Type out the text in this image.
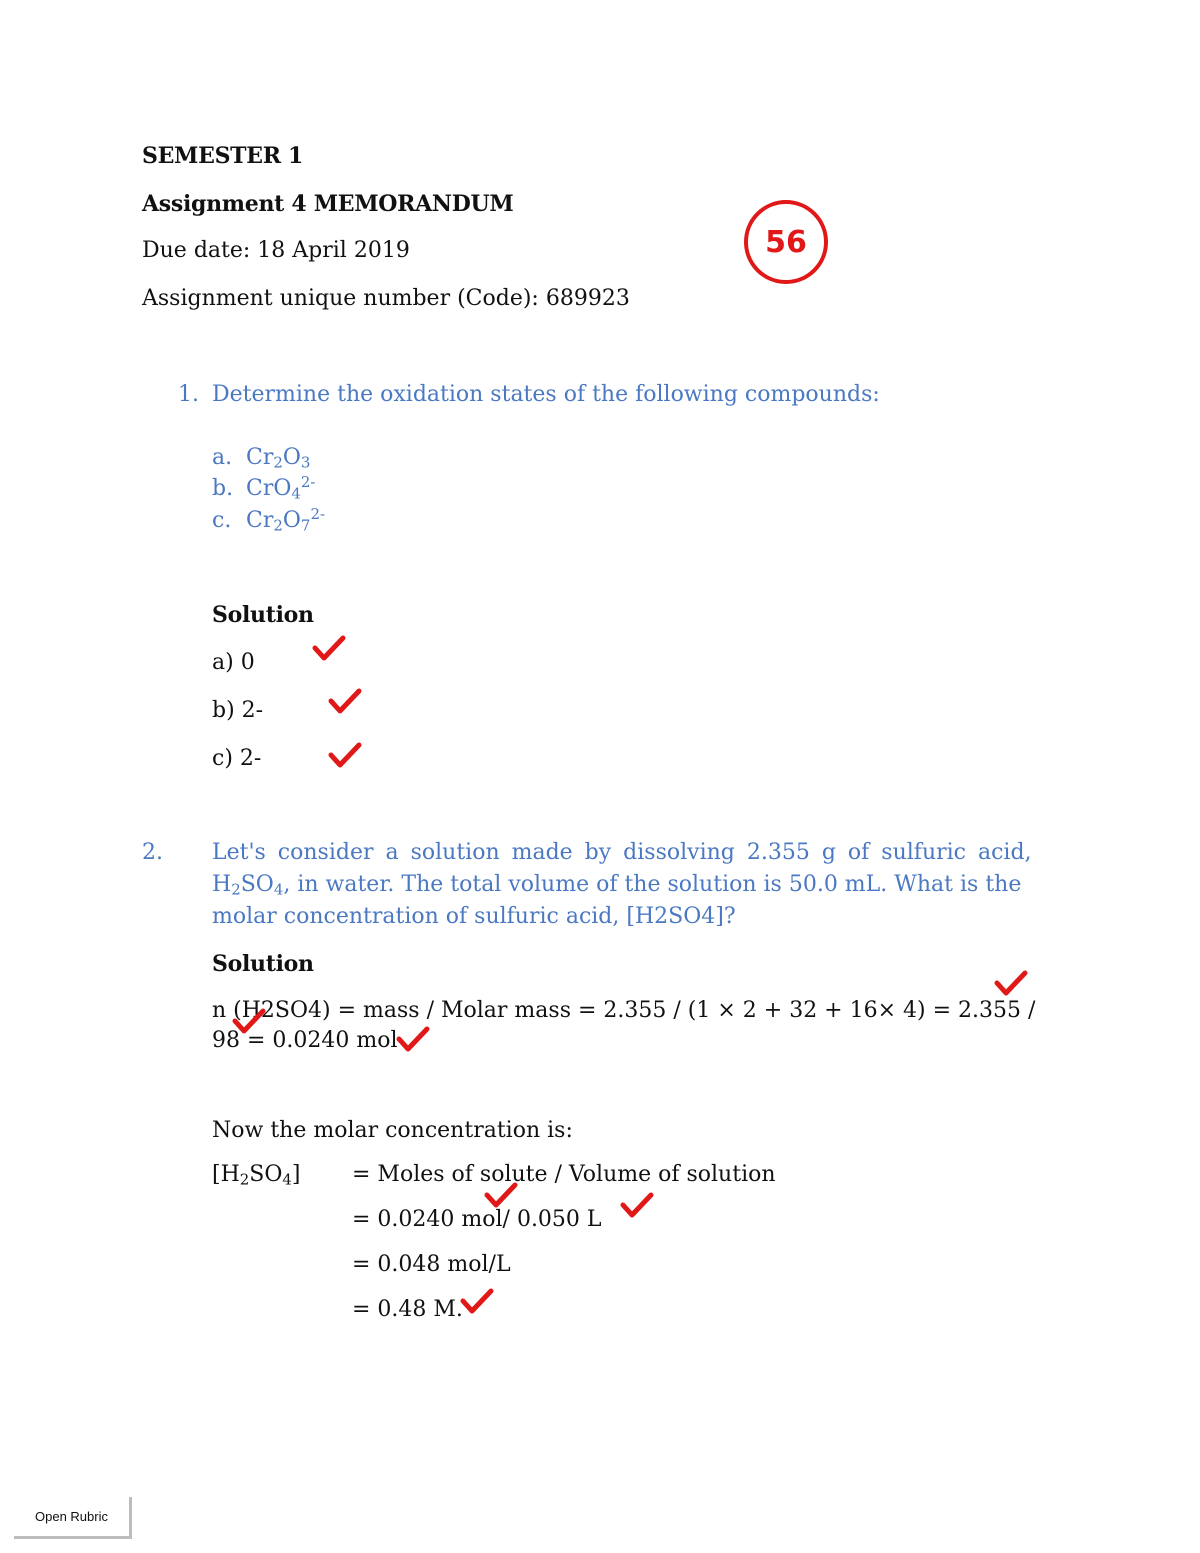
SEMESTER 1
Assignment 4 MEMORANDUM
Due date: 18 April 2019
Assignment unique number (Code): 689923
56
1. Determine the oxidation states of the following compounds:
a. $Cr_2O_3$
b. CrO$_4^{2-}$
c. $Cr_2O_7^{2-}$
Solution
a) 0
b) 2-
c) 2-
2. Let's consider a solution made by dissolving 2.355 g of sulfuric acid,
$H_2SO_4$, in water. The total volume of the solution is 50.0 mL. What is the
molar concentration of sulfuric acid, [H2SO4]?
Solution
n (H2SO4) = mass / Molar mass = 2.355 / (1 × 2 + 32 + 16× 4) = 2.355 /
98 = 0.0240 mol
Now the molar concentration is:
$[H_2SO_4]$ = Moles of solute / Volume of solution
= 0.0240 mol/ 0.050 L
= 0.048 mol/L
= 0.48 M.
Open Rubric
